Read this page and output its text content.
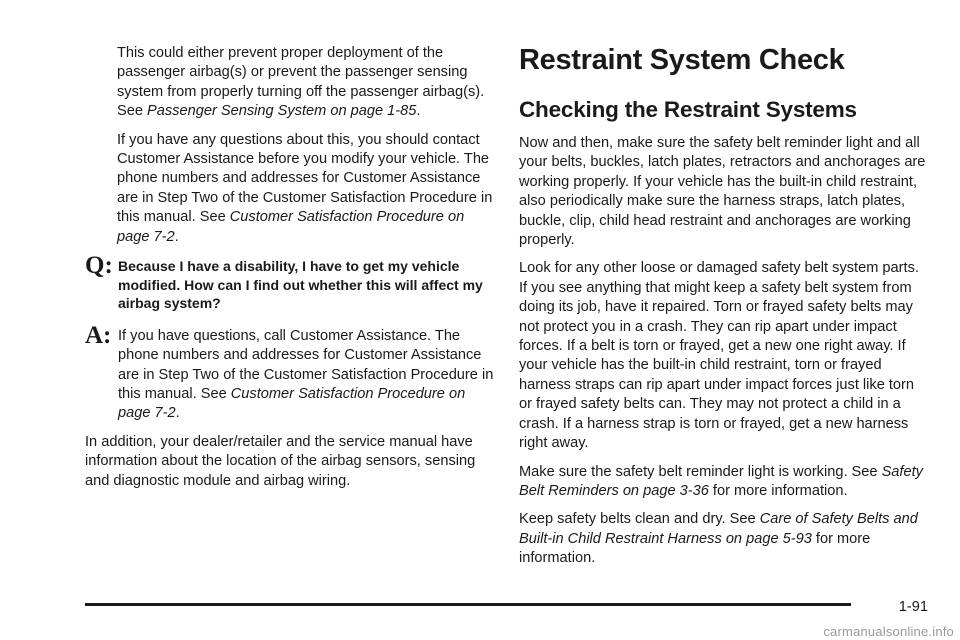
This could either prevent proper deployment of the passenger airbag(s) or prevent the passenger sensing system from properly turning off the passenger airbag(s). See Passenger Sensing System on page 1-85.

If you have any questions about this, you should contact Customer Assistance before you modify your vehicle. The phone numbers and addresses for Customer Assistance are in Step Two of the Customer Satisfaction Procedure in this manual. See Customer Satisfaction Procedure on page 7-2.

Q: Because I have a disability, I have to get my vehicle modified. How can I find out whether this will affect my airbag system?

A: If you have questions, call Customer Assistance. The phone numbers and addresses for Customer Assistance are in Step Two of the Customer Satisfaction Procedure in this manual. See Customer Satisfaction Procedure on page 7-2.

In addition, your dealer/retailer and the service manual have information about the location of the airbag sensors, sensing and diagnostic module and airbag wiring.

Restraint System Check
Checking the Restraint Systems

Now and then, make sure the safety belt reminder light and all your belts, buckles, latch plates, retractors and anchorages are working properly. If your vehicle has the built-in child restraint, also periodically make sure the harness straps, latch plates, buckle, clip, child head restraint and anchorages are working properly.

Look for any other loose or damaged safety belt system parts. If you see anything that might keep a safety belt system from doing its job, have it repaired. Torn or frayed safety belts may not protect you in a crash. They can rip apart under impact forces. If a belt is torn or frayed, get a new one right away. If your vehicle has the built-in child restraint, torn or frayed harness straps can rip apart under impact forces just like torn or frayed safety belts can. They may not protect a child in a crash. If a harness strap is torn or frayed, get a new harness right away.

Make sure the safety belt reminder light is working. See Safety Belt Reminders on page 3-36 for more information.

Keep safety belts clean and dry. See Care of Safety Belts and Built-in Child Restraint Harness on page 5-93 for more information.

1-91
carmanualsonline.info
